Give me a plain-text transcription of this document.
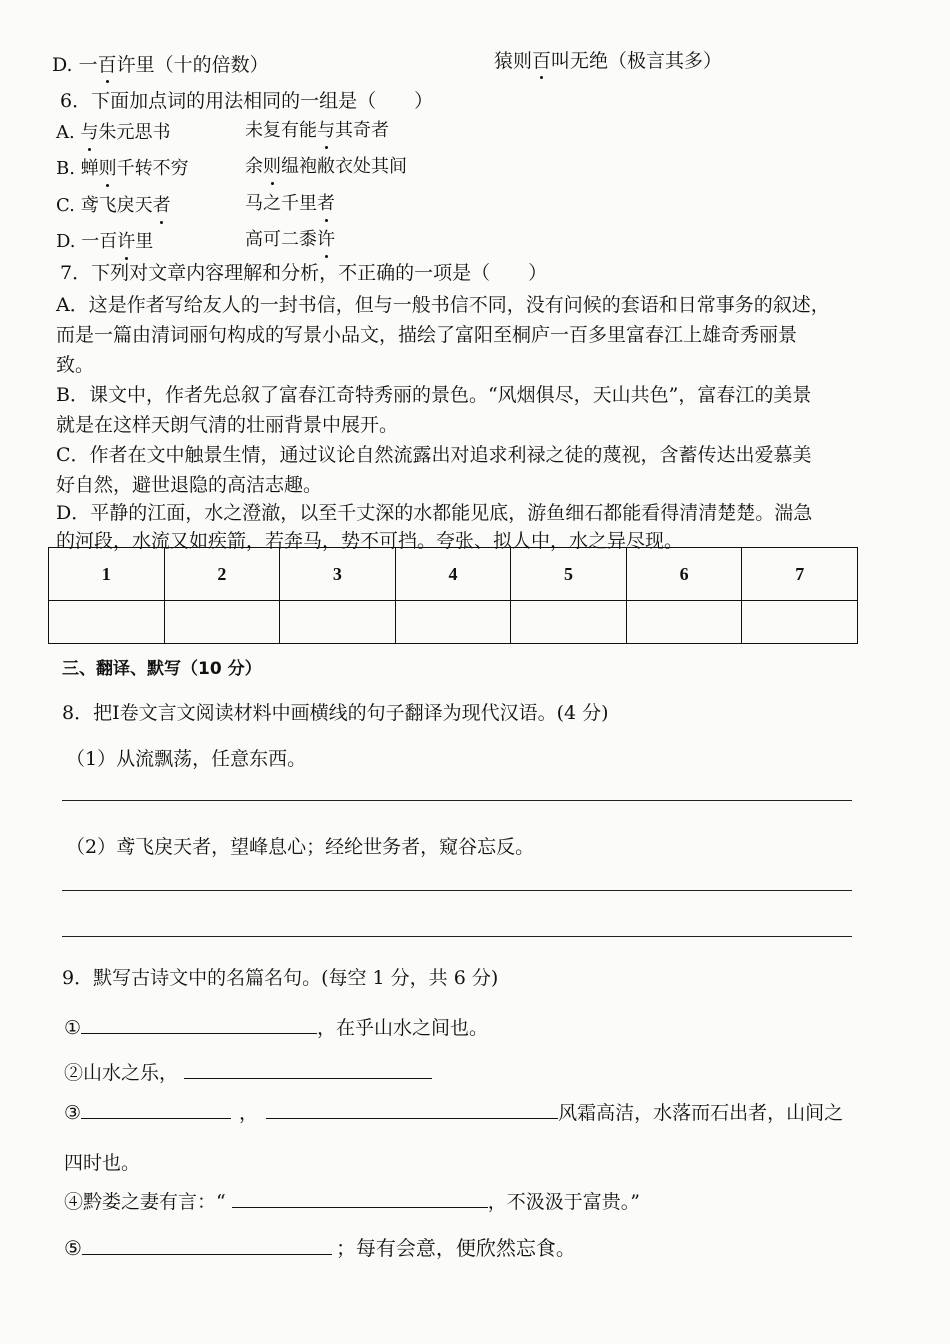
D. 一百许里（十的倍数）	猿则百叫无绝（极言其多）
6．下面加点词的用法相同的一组是（　　）
A. 与朱元思书	未复有能与其奇者
B. 蝉则千转不穷	余则缊袍敝衣处其间
C. 鸢飞戾天者	马之千里者
D. 一百许里	高可二黍许
7．下列对文章内容理解和分析，不正确的一项是（　　）
A．这是作者写给友人的一封书信，但与一般书信不同，没有问候的套语和日常事务的叙述，
而是一篇由清词丽句构成的写景小品文，描绘了富阳至桐庐一百多里富春江上雄奇秀丽景
致。
B．课文中，作者先总叙了富春江奇特秀丽的景色。“风烟俱尽，天山共色”，富春江的美景
就是在这样天朗气清的壮丽背景中展开。
C．作者在文中触景生情，通过议论自然流露出对追求利禄之徒的蔑视，含蓄传达出爱慕美
好自然，避世退隐的高洁志趣。
D．平静的江面，水之澄澈，以至千丈深的水都能见底，游鱼细石都能看得清清楚楚。湍急
的河段，水流又如疾箭，若奔马，势不可挡。夸张、拟人中，水之异尽现。
1	2	3	4	5	6	7

三、翻译、默写（10 分）
8．把Ⅰ卷文言文阅读材料中画横线的句子翻译为现代汉语。(4 分)
（1）从流飘荡，任意东西。
（2）鸢飞戾天者，望峰息心；经纶世务者，窥谷忘反。
9．默写古诗文中的名篇名句。(每空 1 分，共 6 分)
①	，在乎山水之间也。
②山水之乐，
③	，	风霜高洁，水落而石出者，山间之
四时也。
④黔娄之妻有言：“	，不汲汲于富贵。”
⑤	；每有会意，便欣然忘食。
